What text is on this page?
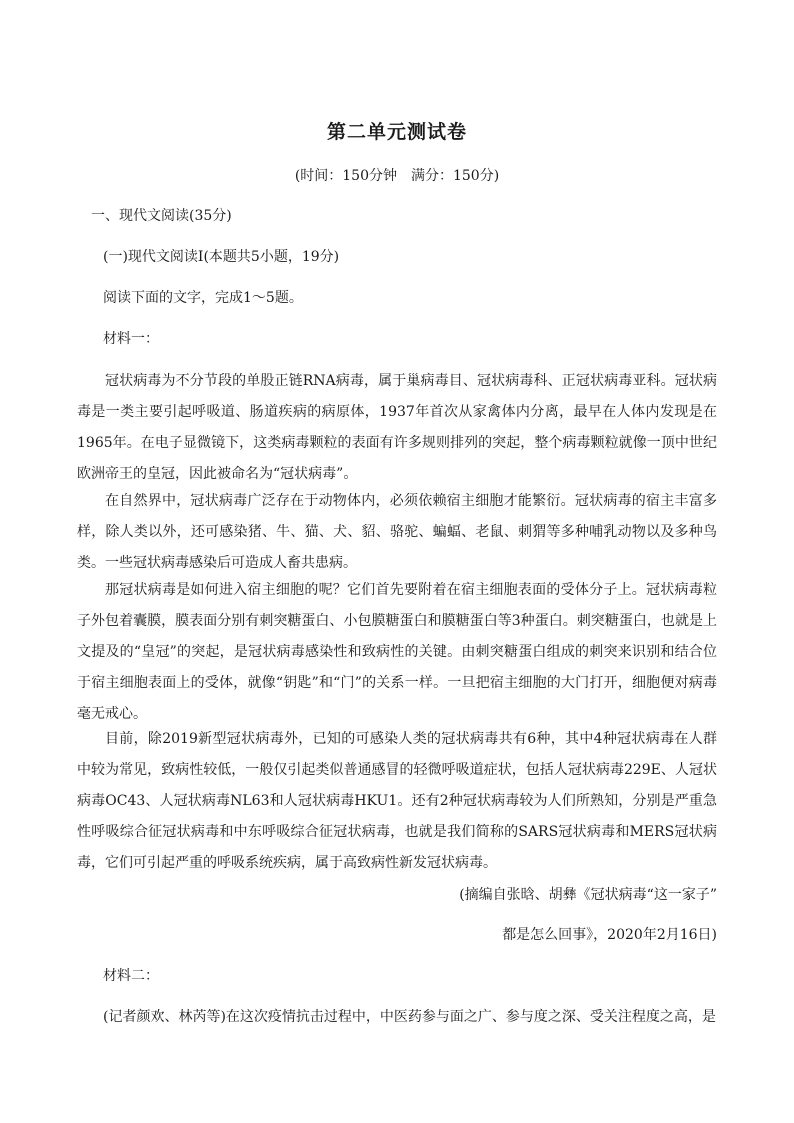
第二单元测试卷
(时间：150分钟　满分：150分)
一、现代文阅读(35分)
(一)现代文阅读Ⅰ(本题共5小题，19分)
阅读下面的文字，完成1～5题。
材料一：
冠状病毒为不分节段的单股正链RNA病毒，属于巢病毒目、冠状病毒科、正冠状病毒亚科。冠状病毒是一类主要引起呼吸道、肠道疾病的病原体，1937年首次从家禽体内分离，最早在人体内发现是在1965年。在电子显微镜下，这类病毒颗粒的表面有许多规则排列的突起，整个病毒颗粒就像一顶中世纪欧洲帝王的皇冠，因此被命名为“冠状病毒”。
在自然界中，冠状病毒广泛存在于动物体内，必须依赖宿主细胞才能繁衍。冠状病毒的宿主丰富多样，除人类以外，还可感染猪、牛、猫、犬、貂、骆驼、蝙蝠、老鼠、刺猬等多种哺乳动物以及多种鸟类。一些冠状病毒感染后可造成人畜共患病。
那冠状病毒是如何进入宿主细胞的呢？它们首先要附着在宿主细胞表面的受体分子上。冠状病毒粒子外包着囊膜，膜表面分别有刺突糖蛋白、小包膜糖蛋白和膜糖蛋白等3种蛋白。刺突糖蛋白，也就是上文提及的“皇冠”的突起，是冠状病毒感染性和致病性的关键。由刺突糖蛋白组成的刺突来识别和结合位于宿主细胞表面上的受体，就像“钥匙”和“门”的关系一样。一旦把宿主细胞的大门打开，细胞便对病毒毫无戒心。
目前，除2019新型冠状病毒外，已知的可感染人类的冠状病毒共有6种，其中4种冠状病毒在人群中较为常见，致病性较低，一般仅引起类似普通感冒的轻微呼吸道症状，包括人冠状病毒229E、人冠状病毒OC43、人冠状病毒NL63和人冠状病毒HKU1。还有2种冠状病毒较为人们所熟知，分别是严重急性呼吸综合征冠状病毒和中东呼吸综合征冠状病毒，也就是我们简称的SARS冠状病毒和MERS冠状病毒，它们可引起严重的呼吸系统疾病，属于高致病性新发冠状病毒。
(摘编自张晗、胡彝《冠状病毒“这一家子”
都是怎么回事》，2020年2月16日)
材料二：
(记者颜欢、林芮等)在这次疫情抗击过程中，中医药参与面之广、参与度之深、受关注程度之高，是
